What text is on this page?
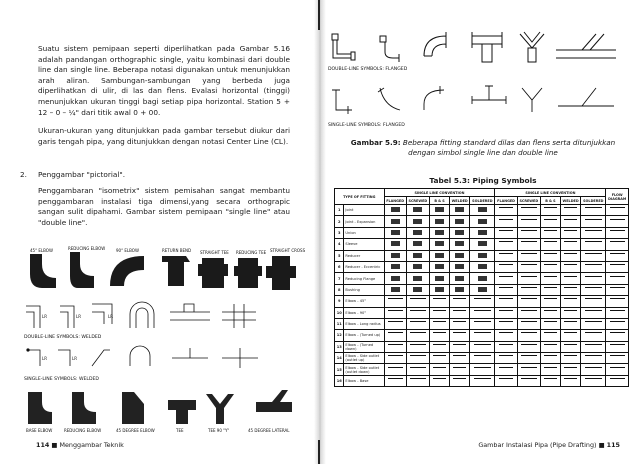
Suatu sistem pemipaan seperti diperlihatkan pada Gambar 5.16 adalah pandangan orthographic single, yaitu kombinasi dari double line dan single line. Beberapa notasi digunakan untuk menunjukkan arah aliran. Sambungan-sambungan yang berbeda juga diperlihatkan di ulir, di las dan flens. Evalasi horizontal (tinggi) menunjukkan ukuran tinggi bagi setiap pipa horizontal. Station 5 + 12 – 0 – ¼" dari titik awal 0 + 00.

Ukuran-ukuran yang ditunjukkan pada gambar tersebut diukur dari garis tengah pipa, yang ditunjukkan dengan notasi Center Line (CL).

2. Penggambar "pictorial".

Penggambaran "isometrix" sistem pemisahan sangat membantu penggambaran instalasi tiga dimensi,yang secara orthograpic sangan sulit dipahami. Gambar sistem pemipaan "single line" atau "double line".

45° ELBOW	REDUCING ELBOW	90° ELBOW	RETURN BEND STRAIGHT TEE REDUCING TEE STRAIGHT CROSS
LR	LR	LR
DOUBLE-LINE SYMBOLS: WELDED
LR	LR
SINGLE-LINE SYMBOLS: WELDED
BASE ELBOW	REDUCING ELBOW	45 DEGREE ELBOW	TEE	TEE 90 "Y"	45 DEGREE LATERAL
114 ■ Menggambar Teknik
DOUBLE-LINE SYMBOLS: FLANGED
SINGLE-LINE SYMBOLS: FLANGED
Gambar 5.9: Beberapa fitting standard dilas dan flens serta ditunjukkan dengan simbol single line dan double line
Tabel 5.3: Piping Symbols
TYPE OF FITTING		SINGLE LINE CONVENTION					SINGLE LINE CONVENTION					FLOW DIAGRAM
		FLANGED	SCREWED	B & S	WELDED	SOLDERED	FLANGED	SCREWED	B & S	WELDED	SOLDERED	
1	Joint						

2	Joint - Expansion						

3	Union						

4	Sleeve						

5	Reducer						

6	Reducer - Eccentric						

7	Reducing Flange						

8	Bushing						

9	Elbow - 45°	

10	Elbow - 90°	

11	Elbow - Long radius	

12	Elbow - (Turned up)	

13	Elbow - (Turned down)	

14	Elbow - Side outlet (outlet up)	

15	Elbow - Side outlet (outlet down)	

16	Elbow - Base	

Gambar Instalasi Pipa (Pipe Drafting) ■ 115
